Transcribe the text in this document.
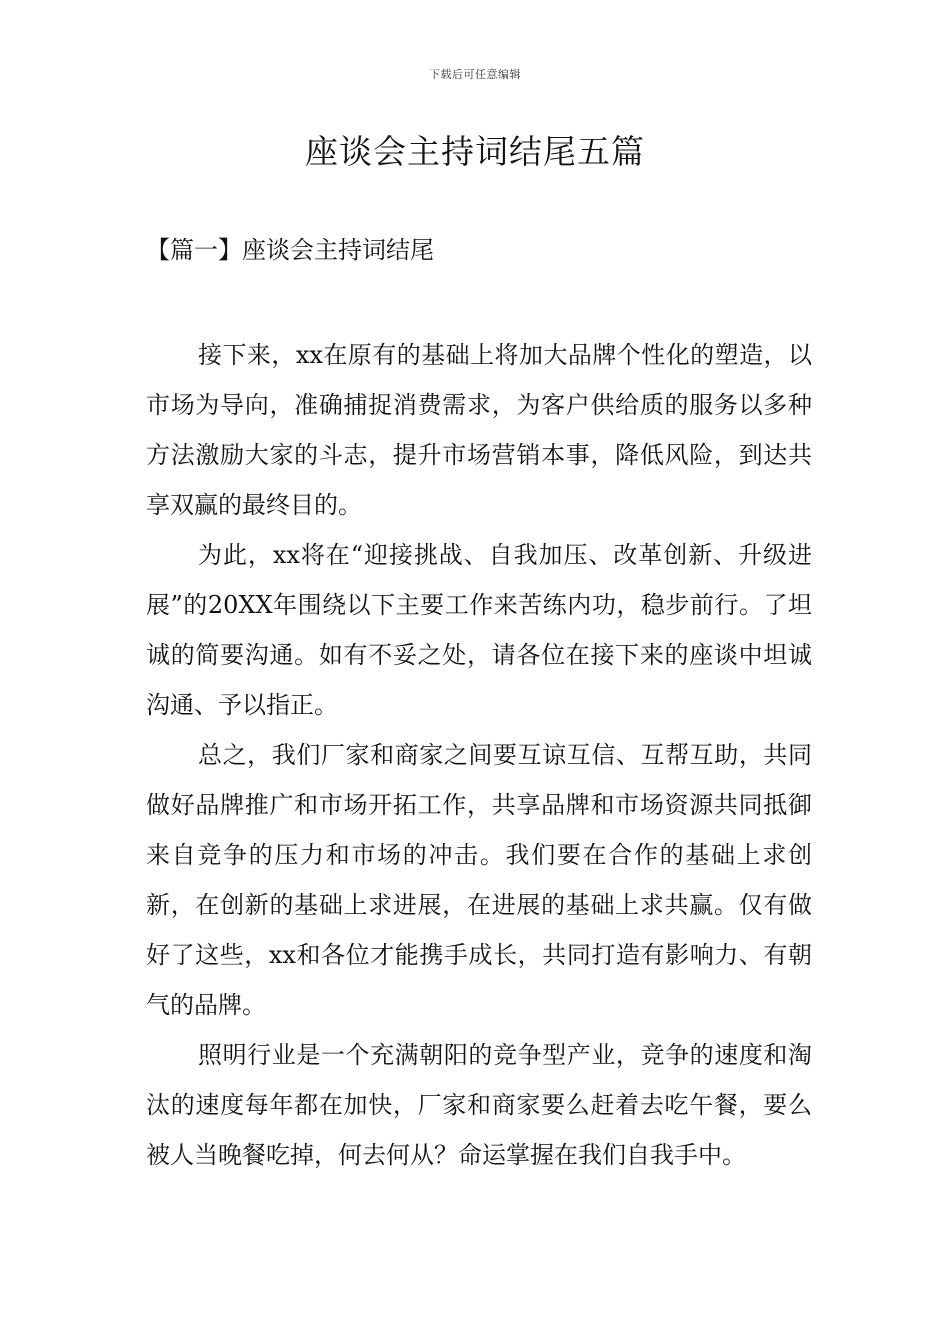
下载后可任意编辑
座谈会主持词结尾五篇
【篇一】座谈会主持词结尾

接下来，xx在原有的基础上将加大品牌个性化的塑造，以市场为导向，准确捕捉消费需求，为客户供给质的服务以多种方法激励大家的斗志，提升市场营销本事，降低风险，到达共享双赢的最终目的。

为此，xx将在“迎接挑战、自我加压、改革创新、升级进展”的20XX年围绕以下主要工作来苦练内功，稳步前行。了坦诚的简要沟通。如有不妥之处，请各位在接下来的座谈中坦诚沟通、予以指正。

总之，我们厂家和商家之间要互谅互信、互帮互助，共同做好品牌推广和市场开拓工作，共享品牌和市场资源共同抵御来自竞争的压力和市场的冲击。我们要在合作的基础上求创新，在创新的基础上求进展，在进展的基础上求共赢。仅有做好了这些，xx和各位才能携手成长，共同打造有影响力、有朝气的品牌。

照明行业是一个充满朝阳的竞争型产业，竞争的速度和淘汰的速度每年都在加快，厂家和商家要么赶着去吃午餐，要么被人当晚餐吃掉，何去何从？命运掌握在我们自我手中。
